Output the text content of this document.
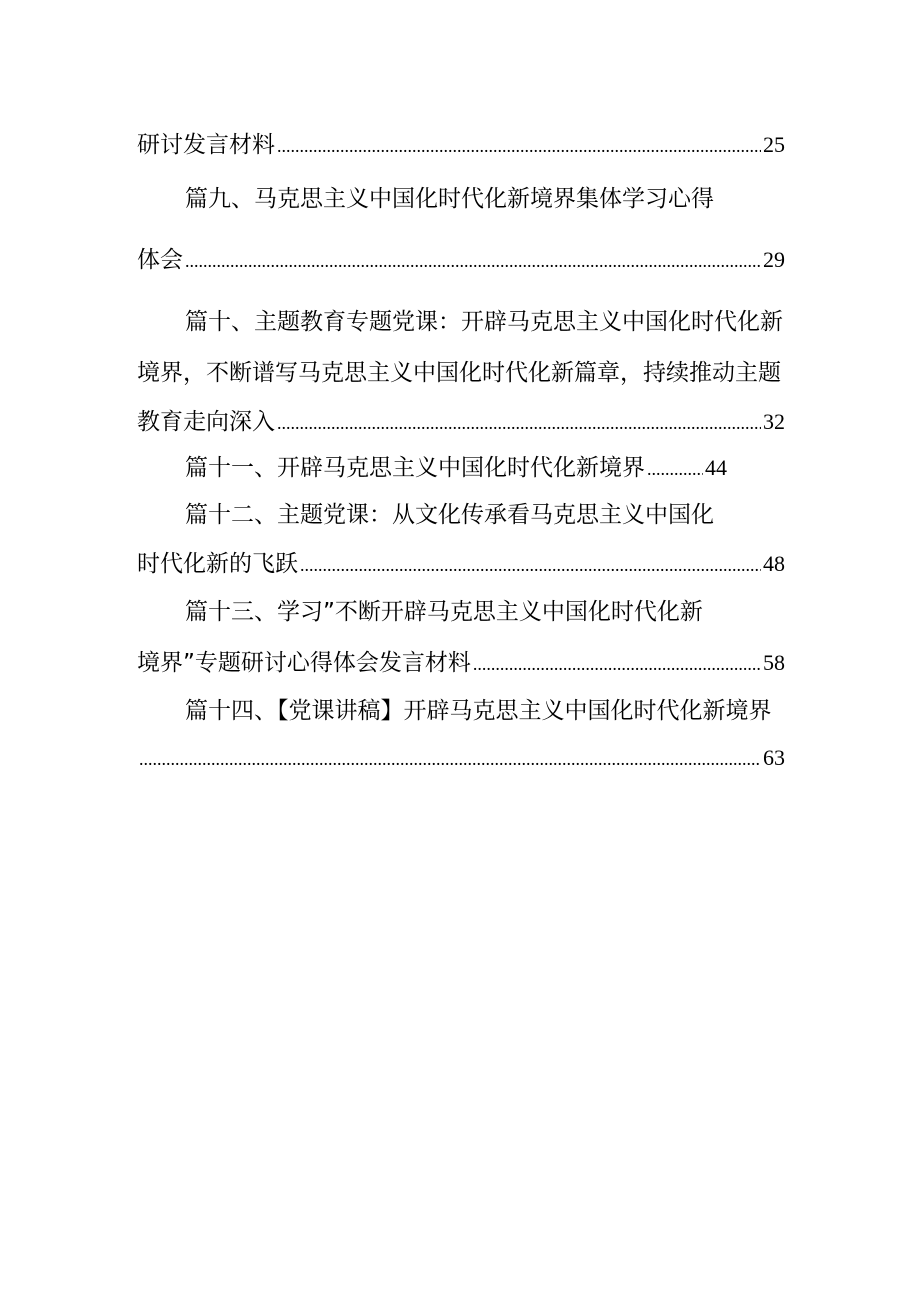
研讨发言材料 .....	25
篇九、马克思主义中国化时代化新境界集体学习心得
体会 .....	29
篇十、主题教育专题党课：开辟马克思主义中国化时代化新
境界，不断谱写马克思主义中国化时代化新篇章，持续推动主题
教育走向深入 .....	32
篇十一、开辟马克思主义中国化时代化新境界 .....	44
篇十二、主题党课：从文化传承看马克思主义中国化
时代化新的飞跃 .....	48
篇十三、学习”不断开辟马克思主义中国化时代化新
境界”专题研讨心得体会发言材料 .....	58
篇十四、【党课讲稿】开辟马克思主义中国化时代化新境界
.....
63
